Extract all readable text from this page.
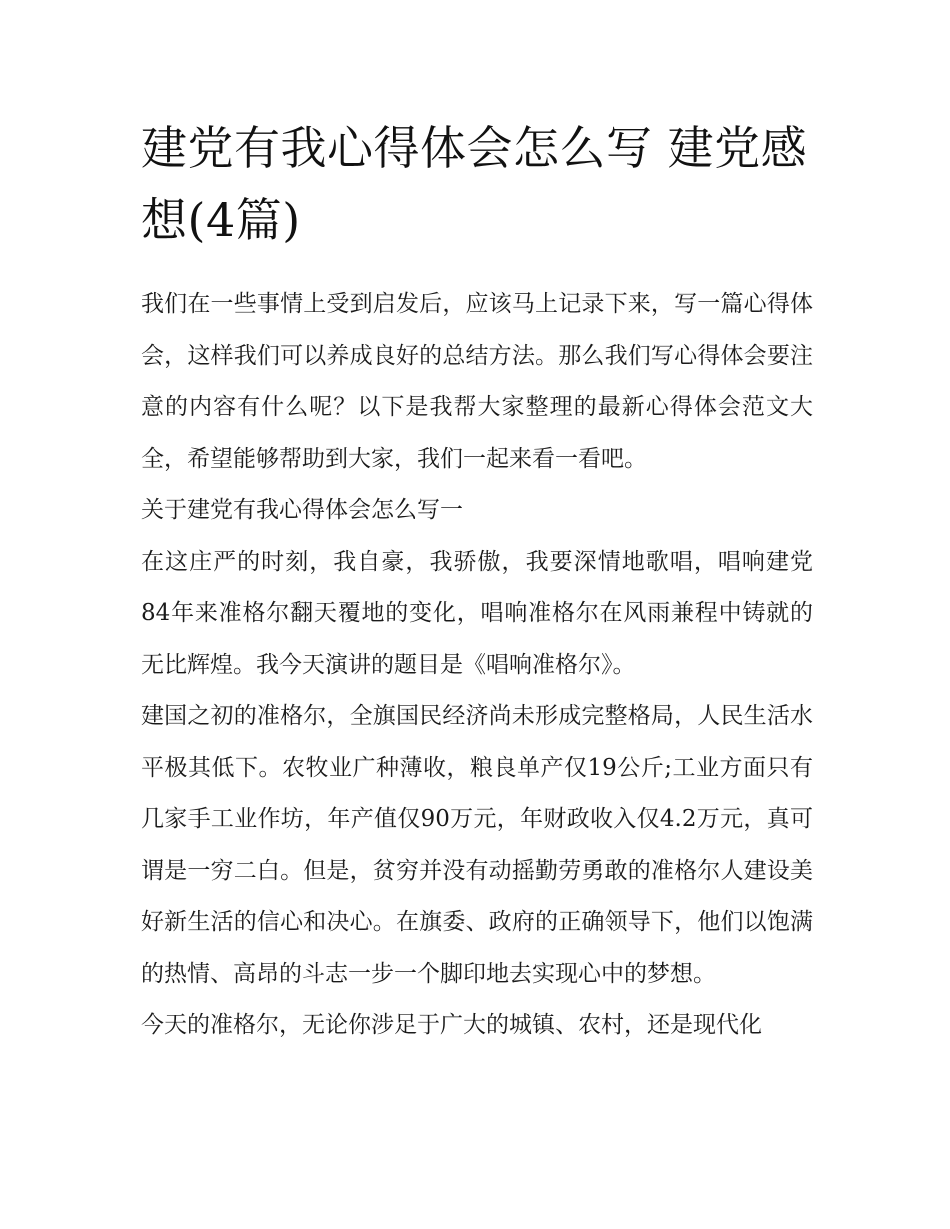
建党有我心得体会怎么写 建党感想(4篇)

我们在一些事情上受到启发后，应该马上记录下来，写一篇心得体会，这样我们可以养成良好的总结方法。那么我们写心得体会要注意的内容有什么呢？以下是我帮大家整理的最新心得体会范文大全，希望能够帮助到大家，我们一起来看一看吧。

关于建党有我心得体会怎么写一

在这庄严的时刻，我自豪，我骄傲，我要深情地歌唱，唱响建党84年来准格尔翻天覆地的变化，唱响准格尔在风雨兼程中铸就的无比辉煌。我今天演讲的题目是《唱响准格尔》。

建国之初的准格尔，全旗国民经济尚未形成完整格局，人民生活水平极其低下。农牧业广种薄收，粮良单产仅19公斤;工业方面只有几家手工业作坊，年产值仅90万元，年财政收入仅4.2万元，真可谓是一穷二白。但是，贫穷并没有动摇勤劳勇敢的准格尔人建设美好新生活的信心和决心。在旗委、政府的正确领导下，他们以饱满的热情、高昂的斗志一步一个脚印地去实现心中的梦想。

今天的准格尔，无论你涉足于广大的城镇、农村，还是现代化
